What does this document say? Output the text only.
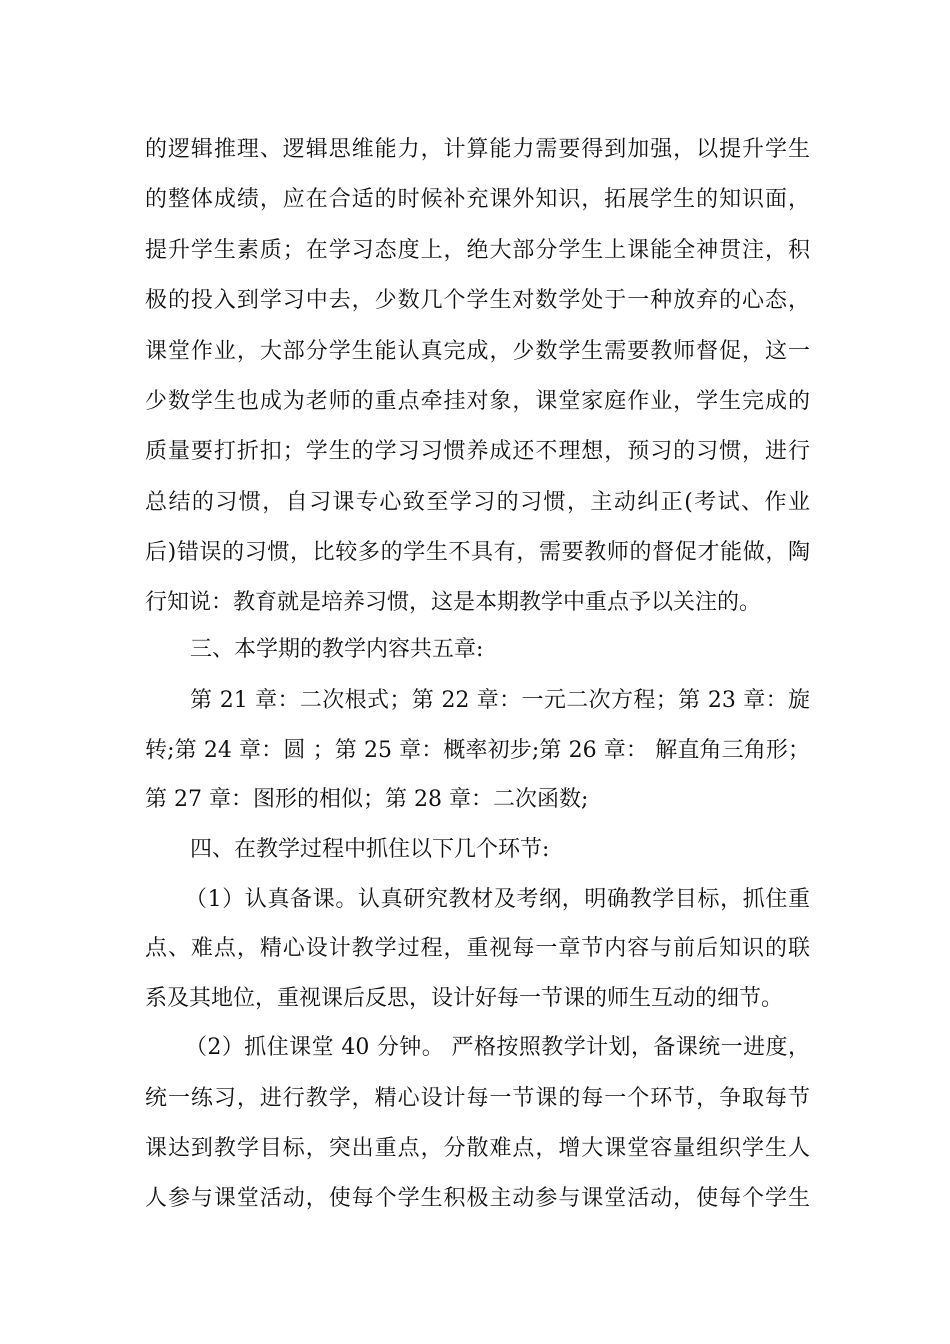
的逻辑推理、逻辑思维能力，计算能力需要得到加强，以提升学生
的整体成绩，应在合适的时候补充课外知识，拓展学生的知识面，
提升学生素质；在学习态度上，绝大部分学生上课能全神贯注，积
极的投入到学习中去，少数几个学生对数学处于一种放弃的心态，
课堂作业，大部分学生能认真完成，少数学生需要教师督促，这一
少数学生也成为老师的重点牵挂对象，课堂家庭作业，学生完成的
质量要打折扣；学生的学习习惯养成还不理想，预习的习惯，进行
总结的习惯，自习课专心致至学习的习惯，主动纠正(考试、作业
后)错误的习惯，比较多的学生不具有，需要教师的督促才能做，陶
行知说：教育就是培养习惯，这是本期教学中重点予以关注的。
三、本学期的教学内容共五章:
第 21 章：二次根式；第 22 章：一元二次方程；第 23 章：旋
转;第 24 章：圆 ；第 25 章：概率初步;第 26 章： 解直角三角形；
第 27 章：图形的相似；第 28 章：二次函数;
四、在教学过程中抓住以下几个环节:
（1）认真备课。认真研究教材及考纲，明确教学目标，抓住重
点、难点，精心设计教学过程，重视每一章节内容与前后知识的联
系及其地位，重视课后反思，设计好每一节课的师生互动的细节。
（2）抓住课堂 40 分钟。 严格按照教学计划，备课统一进度，
统一练习，进行教学，精心设计每一节课的每一个环节，争取每节
课达到教学目标，突出重点，分散难点，增大课堂容量组织学生人
人参与课堂活动，使每个学生积极主动参与课堂活动，使每个学生
